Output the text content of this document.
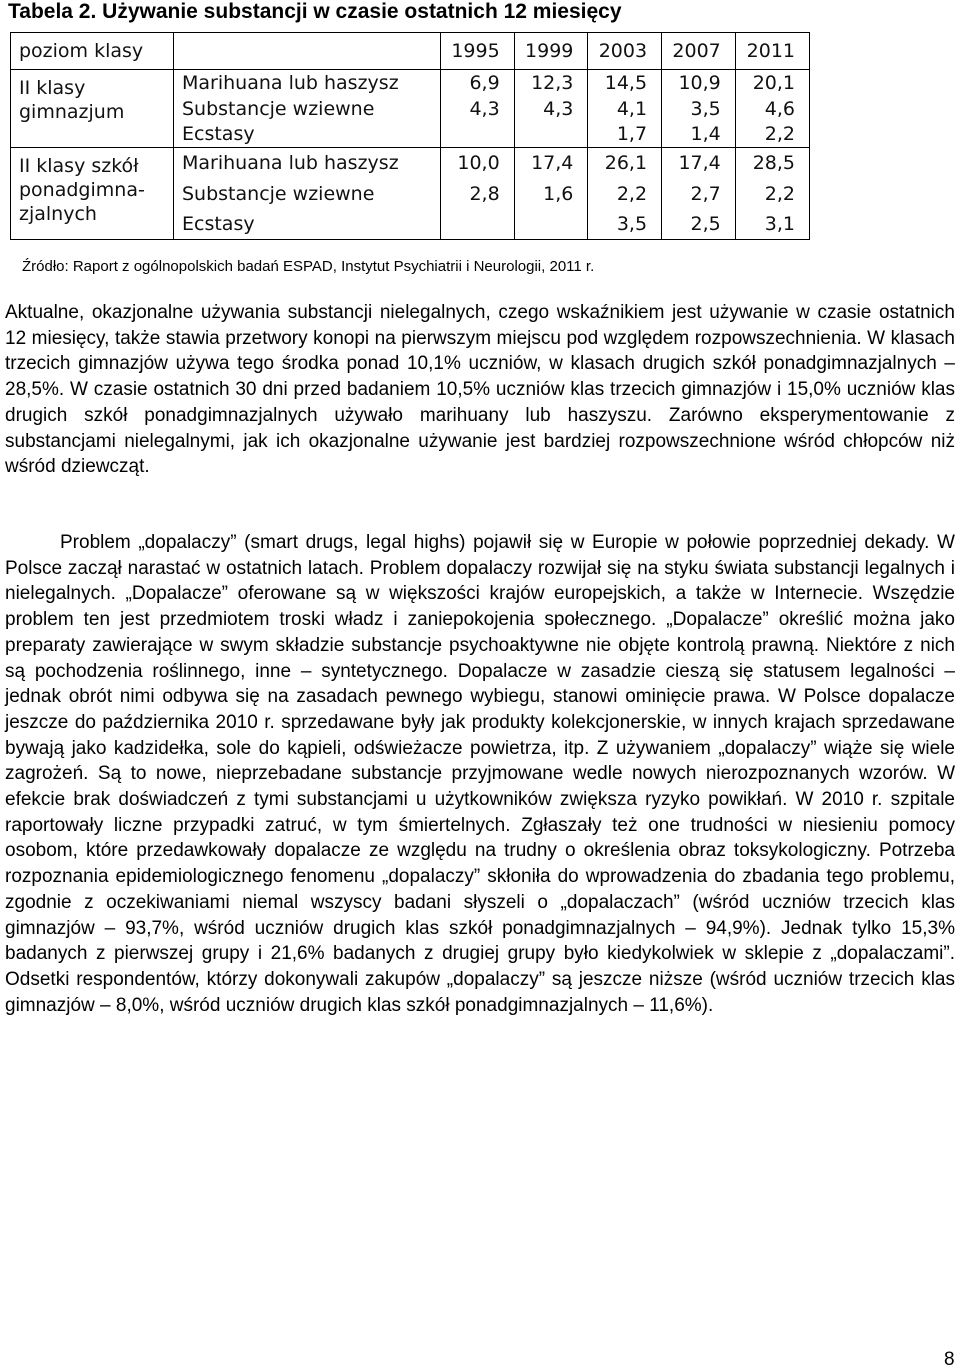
Tabela 2. Używanie substancji w czasie ostatnich 12 miesięcy
poziom klasy		1995	1999	2003	2007	2011

II klasy
gimnazjum	Marihuana lub haszysz	6,9	12,3	14,5	10,9	20,1
	Substancje wziewne	4,3	4,3	4,1	3,5	4,6
	Ecstasy			1,7	1,4	2,2

II klasy szkół
ponadgimna-
zjalnych	Marihuana lub haszysz	10,0	17,4	26,1	17,4	28,5
	Substancje wziewne	2,8	1,6	2,2	2,7	2,2
	Ecstasy			3,5	2,5	3,1
Źródło: Raport z ogólnopolskich badań ESPAD, Instytut Psychiatrii i Neurologii, 2011 r.

Aktualne, okazjonalne używania substancji nielegalnych, czego wskaźnikiem jest używanie w czasie ostatnich 12 miesięcy, także stawia przetwory konopi na pierwszym miejscu pod względem rozpowszechnienia. W klasach trzecich gimnazjów używa tego środka ponad 10,1% uczniów, w klasach drugich szkół ponadgimnazjalnych – 28,5%. W czasie ostatnich 30 dni przed badaniem 10,5% uczniów klas trzecich gimnazjów i 15,0% uczniów klas drugich szkół ponadgimnazjalnych używało marihuany lub haszyszu. Zarówno eksperymentowanie z substancjami nielegalnymi, jak ich okazjonalne używanie jest bardziej rozpowszechnione wśród chłopców niż wśród dziewcząt.

Problem „dopalaczy” (smart drugs, legal highs) pojawił się w Europie w połowie poprzedniej dekady. W Polsce zaczął narastać w ostatnich latach. Problem dopalaczy rozwijał się na styku świata substancji legalnych i nielegalnych. „Dopalacze” oferowane są w większości krajów europejskich, a także w Internecie. Wszędzie problem ten jest przedmiotem troski władz i zaniepokojenia społecznego. „Dopalacze” określić można jako preparaty zawierające w swym składzie substancje psychoaktywne nie objęte kontrolą prawną. Niektóre z nich są pochodzenia roślinnego, inne – syntetycznego. Dopalacze w zasadzie cieszą się statusem legalności – jednak obrót nimi odbywa się na zasadach pewnego wybiegu, stanowi ominięcie prawa. W Polsce dopalacze jeszcze do października 2010 r. sprzedawane były jak produkty kolekcjonerskie, w innych krajach sprzedawane bywają jako kadzidełka, sole do kąpieli, odświeżacze powietrza, itp. Z używaniem „dopalaczy” wiąże się wiele zagrożeń. Są to nowe, nieprzebadane substancje przyjmowane wedle nowych nierozpoznanych wzorów. W efekcie brak doświadczeń z tymi substancjami u użytkowników zwiększa ryzyko powikłań. W 2010 r. szpitale raportowały liczne przypadki zatruć, w tym śmiertelnych. Zgłaszały też one trudności w niesieniu pomocy osobom, które przedawkowały dopalacze ze względu na trudny o określenia obraz toksykologiczny. Potrzeba rozpoznania epidemiologicznego fenomenu „dopalaczy” skłoniła do wprowadzenia do zbadania tego problemu, zgodnie z oczekiwaniami niemal wszyscy badani słyszeli o „dopalaczach” (wśród uczniów trzecich klas gimnazjów – 93,7%, wśród uczniów drugich klas szkół ponadgimnazjalnych – 94,9%). Jednak tylko 15,3% badanych z pierwszej grupy i 21,6% badanych z drugiej grupy było kiedykolwiek w sklepie z „dopalaczami”. Odsetki respondentów, którzy dokonywali zakupów „dopalaczy” są jeszcze niższe (wśród uczniów trzecich klas gimnazjów – 8,0%, wśród uczniów drugich klas szkół ponadgimnazjalnych – 11,6%).

8
